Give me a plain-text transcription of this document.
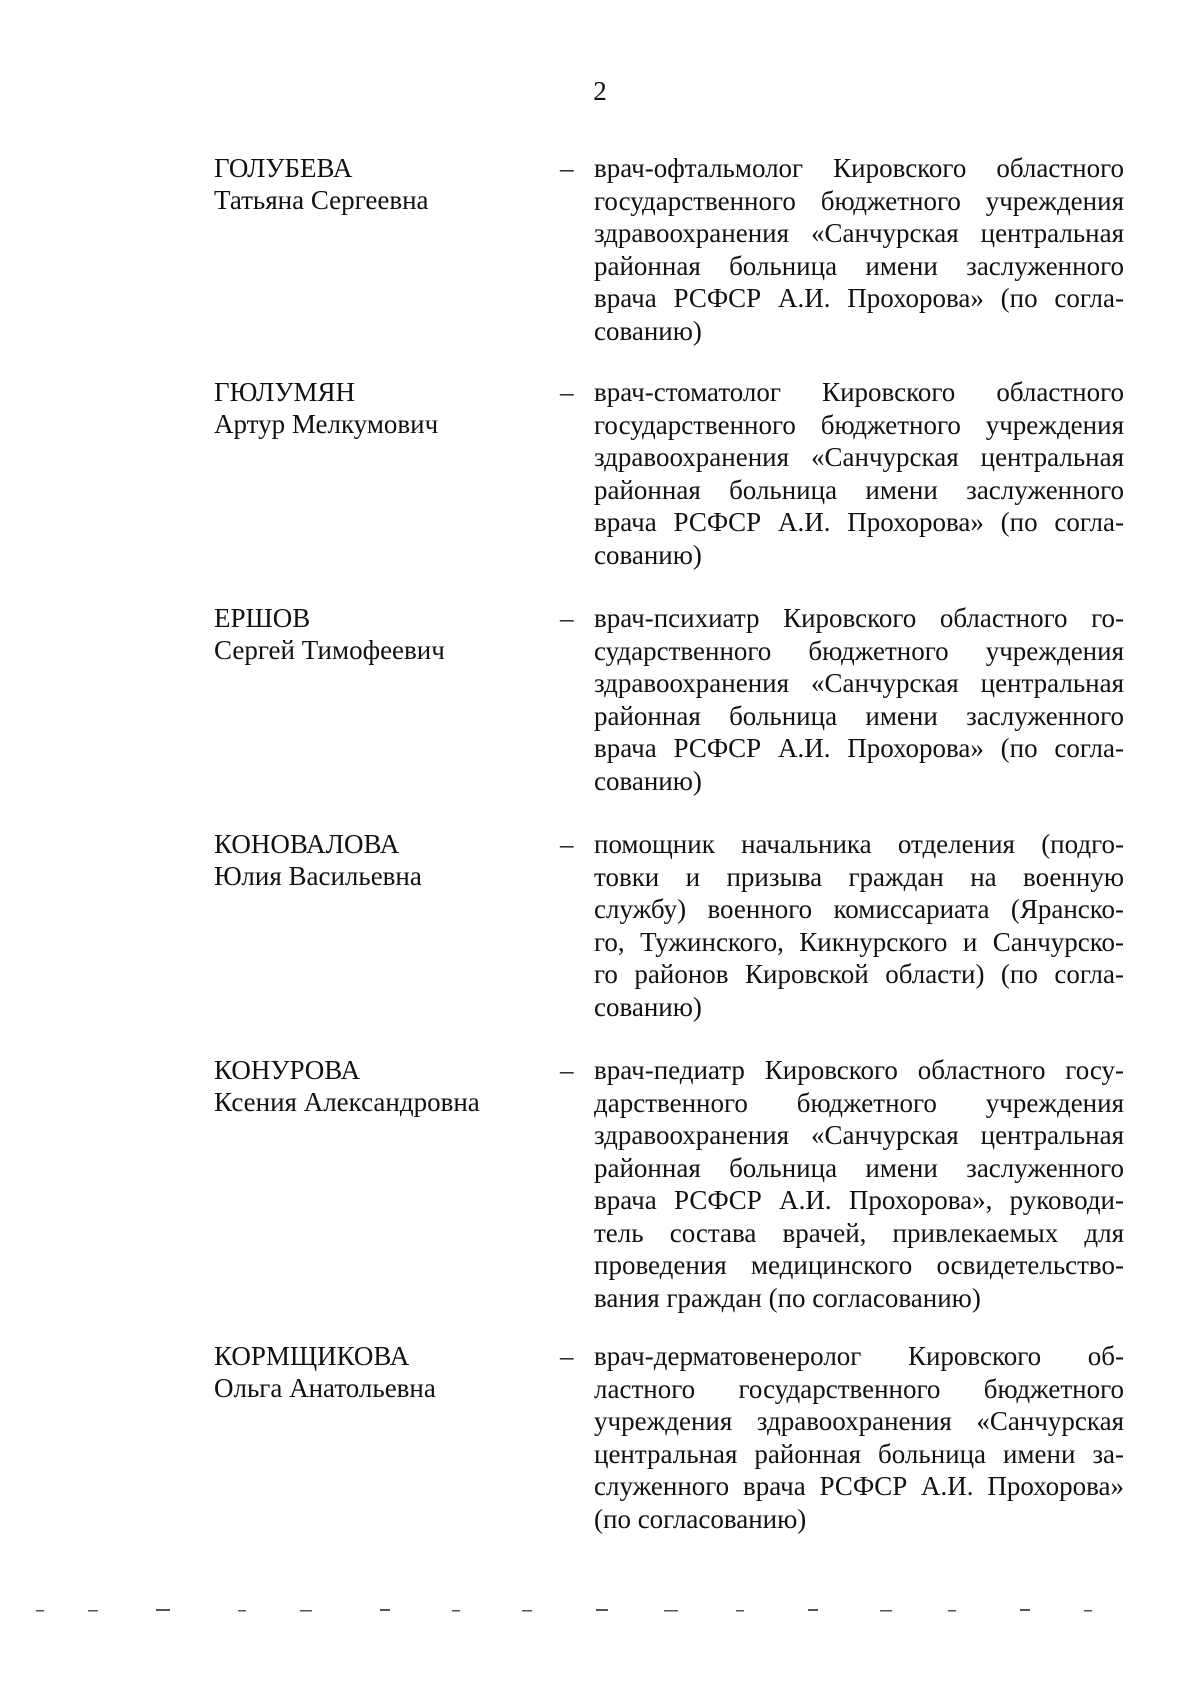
2
ГОЛУБЕВА
Татьяна Сергеевна
– врач-офтальмолог Кировского областного
государственного бюджетного учреждения
здравоохранения «Санчурская центральная
районная больница имени заслуженного
врача РСФСР А.И. Прохорова» (по согла-
сованию)
ГЮЛУМЯН
Артур Мелкумович
– врач-стоматолог Кировского областного
государственного бюджетного учреждения
здравоохранения «Санчурская центральная
районная больница имени заслуженного
врача РСФСР А.И. Прохорова» (по согла-
сованию)
ЕРШОВ
Сергей Тимофеевич
– врач-психиатр Кировского областного го-
сударственного бюджетного учреждения
здравоохранения «Санчурская центральная
районная больница имени заслуженного
врача РСФСР А.И. Прохорова» (по согла-
сованию)
КОНОВАЛОВА
Юлия Васильевна
– помощник начальника отделения (подго-
товки и призыва граждан на военную
службу) военного комиссариата (Яранско-
го, Тужинского, Кикнурского и Санчурско-
го районов Кировской области) (по согла-
сованию)
КОНУРОВА
Ксения Александровна
– врач-педиатр Кировского областного госу-
дарственного бюджетного учреждения
здравоохранения «Санчурская центральная
районная больница имени заслуженного
врача РСФСР А.И. Прохорова», руководи-
тель состава врачей, привлекаемых для
проведения медицинского освидетельство-
вания граждан (по согласованию)
КОРМЩИКОВА
Ольга Анатольевна
– врач-дерматовенеролог Кировского об-
ластного государственного бюджетного
учреждения здравоохранения «Санчурская
центральная районная больница имени за-
служенного врача РСФСР А.И. Прохорова»
(по согласованию)
